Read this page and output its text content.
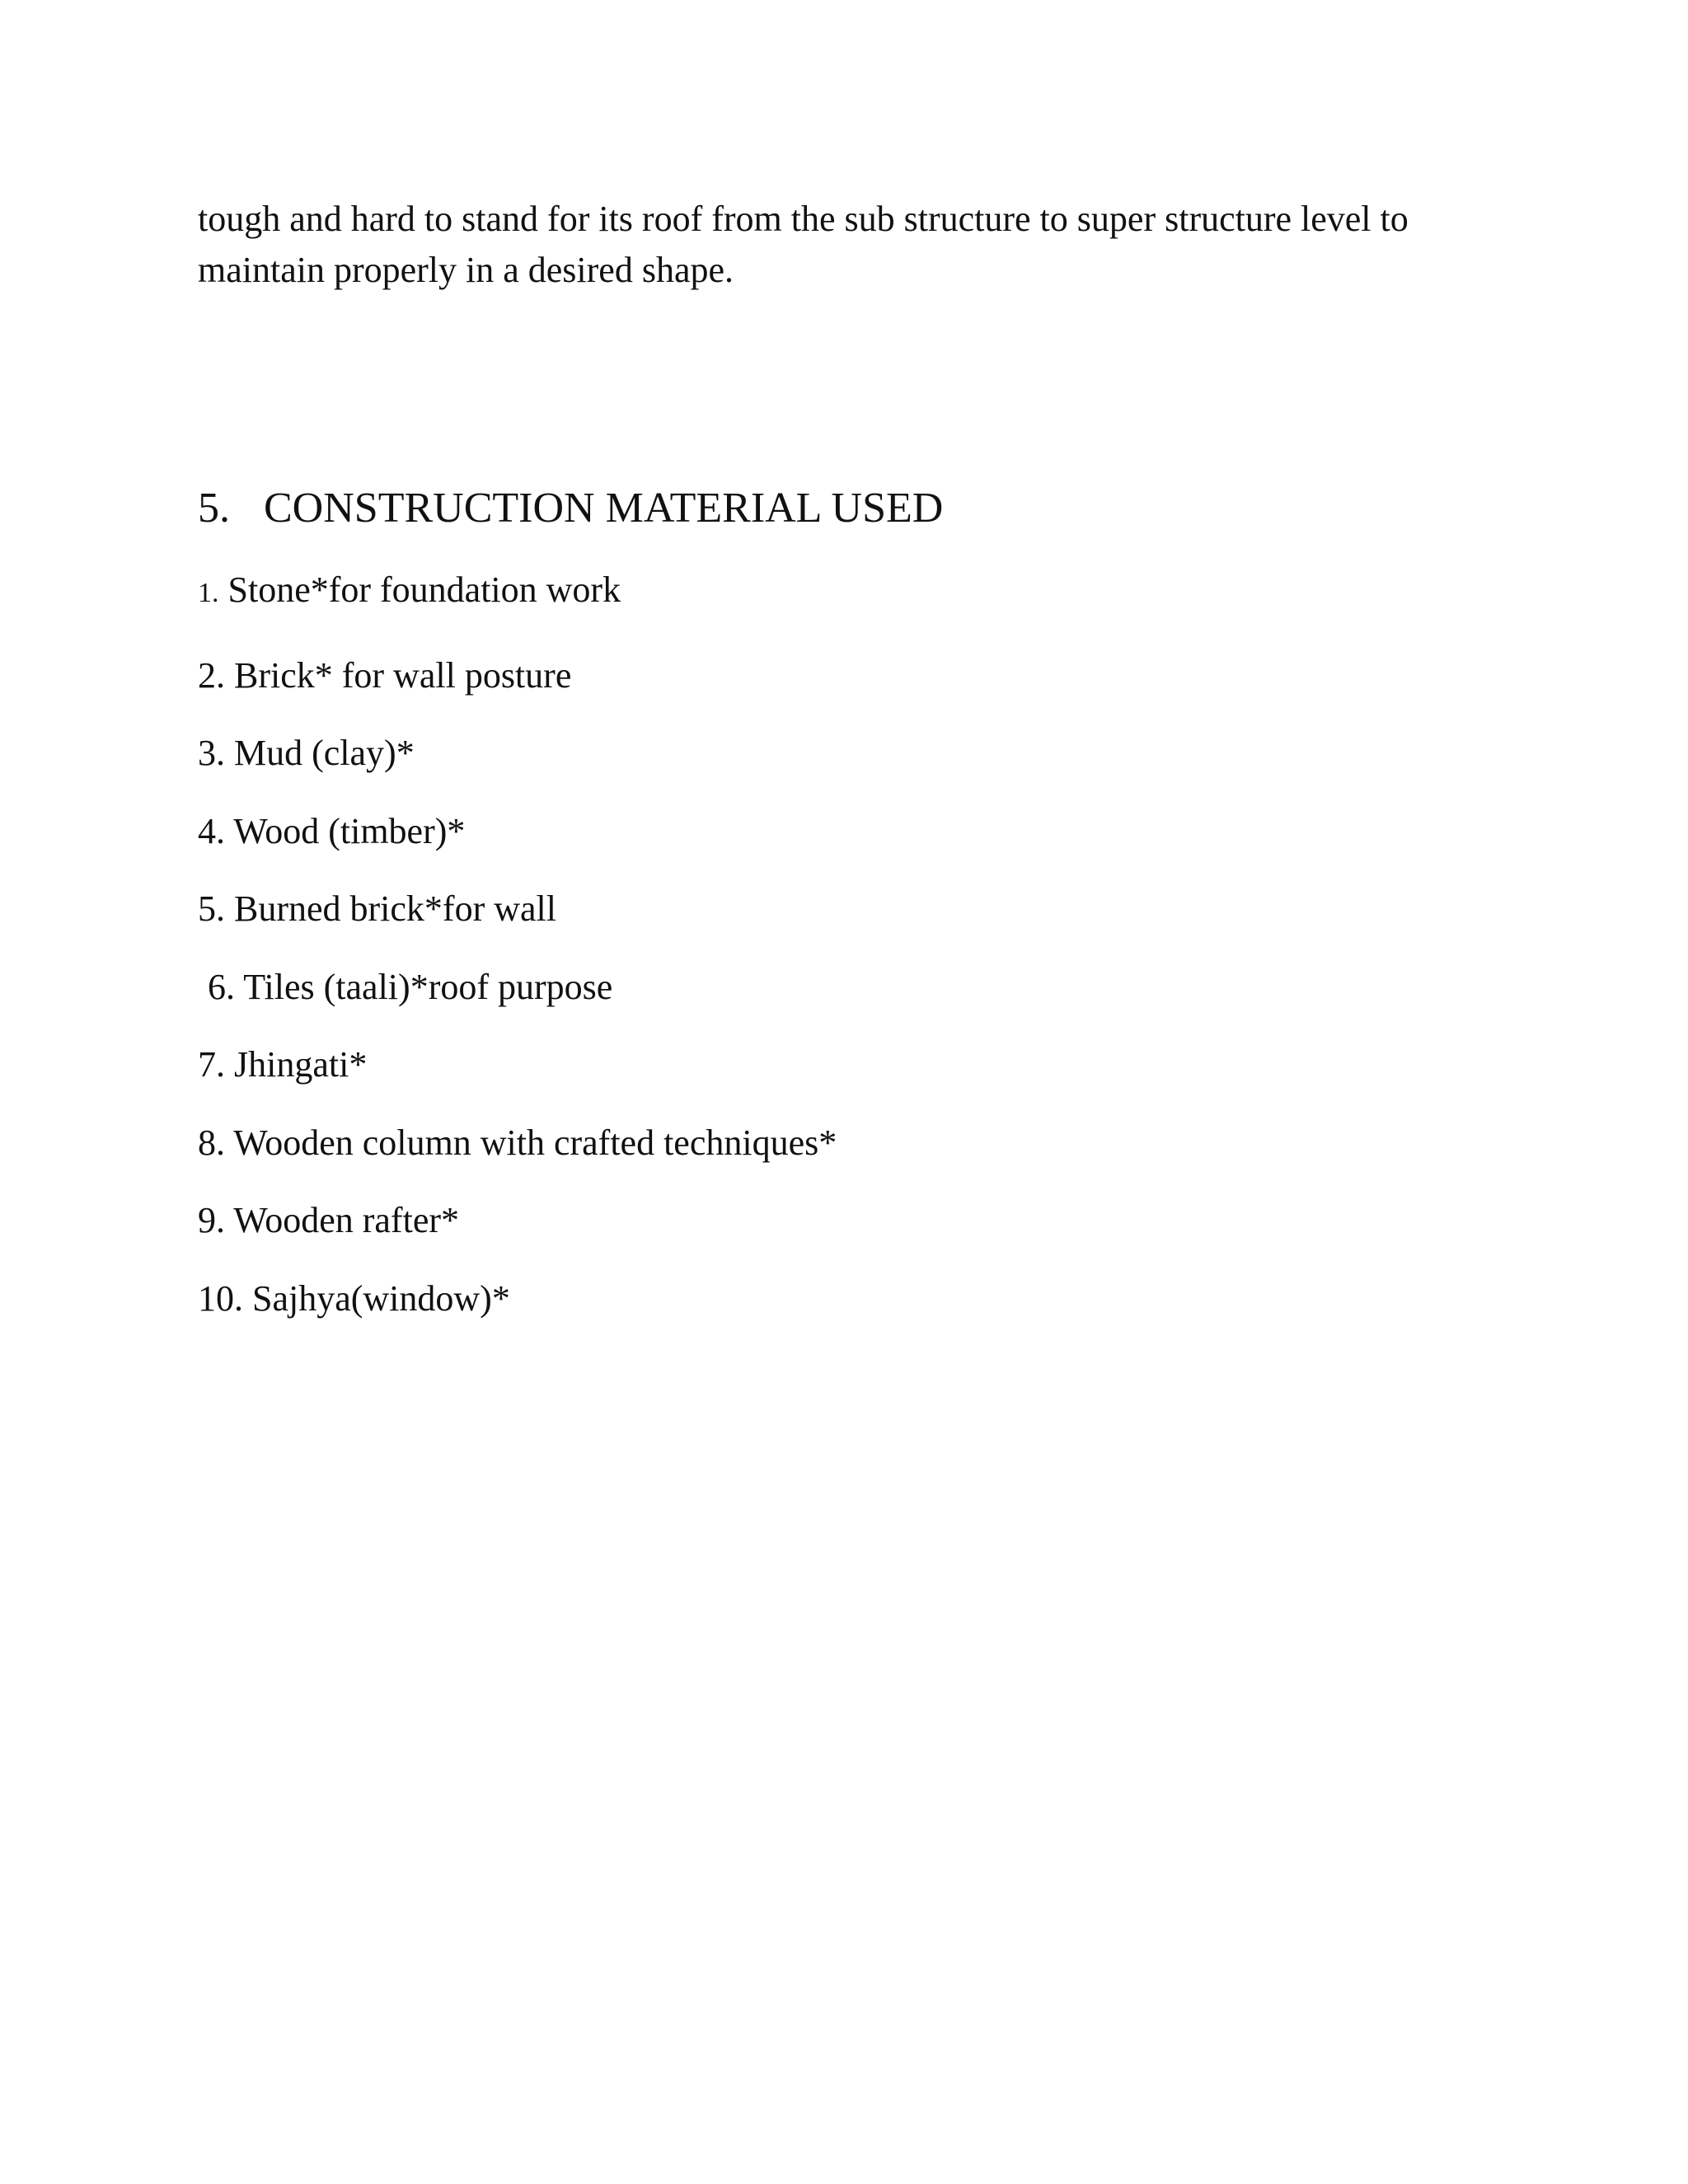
tough and hard to stand for its roof from the sub structure to super structure level to
maintain properly in a desired shape.
5. CONSTRUCTION MATERIAL USED
1. Stone*for foundation work
2. Brick* for wall posture
3. Mud (clay)*
4. Wood (timber)*
5. Burned brick*for wall
6. Tiles (taali)*roof purpose
7. Jhingati*
8. Wooden column with crafted techniques*
9. Wooden rafter*
10. Sajhya(window)*
